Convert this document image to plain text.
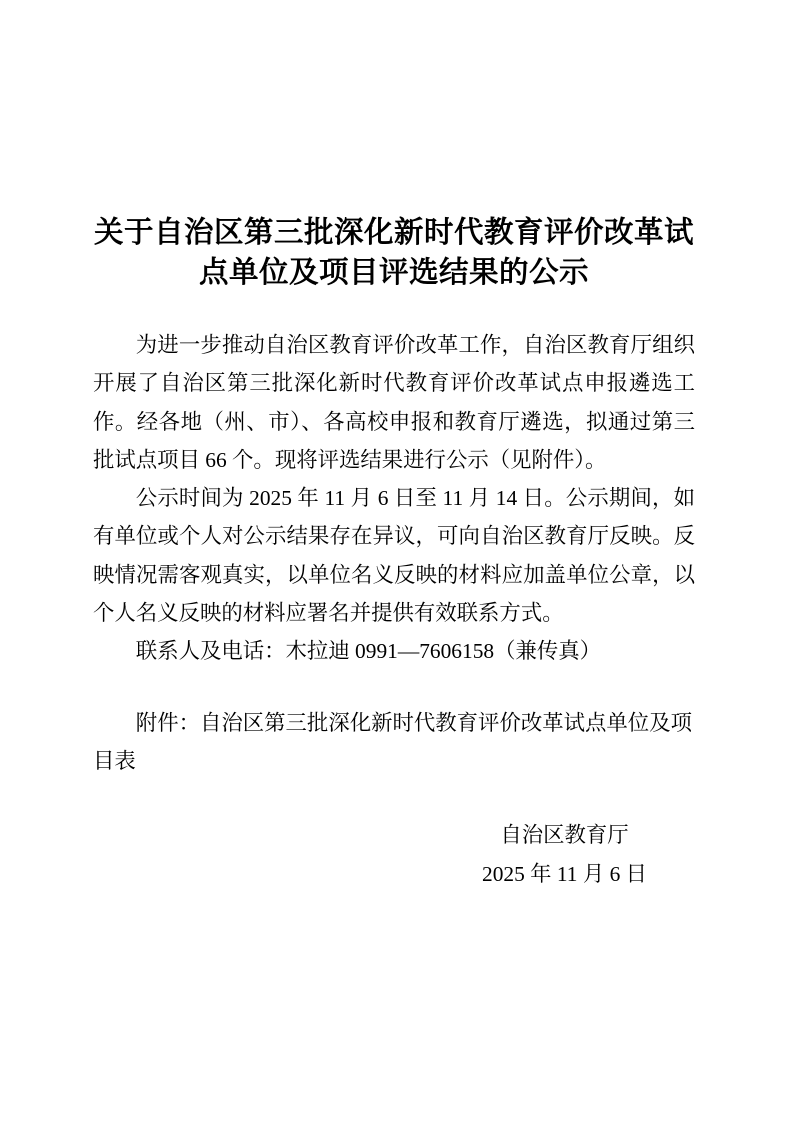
关于自治区第三批深化新时代教育评价改革试
点单位及项目评选结果的公示

为进一步推动自治区教育评价改革工作，自治区教育厅组织开展了自治区第三批深化新时代教育评价改革试点申报遴选工作。经各地（州、市）、各高校申报和教育厅遴选，拟通过第三批试点项目 66 个。现将评选结果进行公示（见附件）。

公示时间为 2025 年 11 月 6 日至 11 月 14 日。公示期间，如有单位或个人对公示结果存在异议，可向自治区教育厅反映。反映情况需客观真实，以单位名义反映的材料应加盖单位公章，以个人名义反映的材料应署名并提供有效联系方式。

联系人及电话：木拉迪 0991—7606158（兼传真）

附件：自治区第三批深化新时代教育评价改革试点单位及项目表

自治区教育厅
2025 年 11 月 6 日
